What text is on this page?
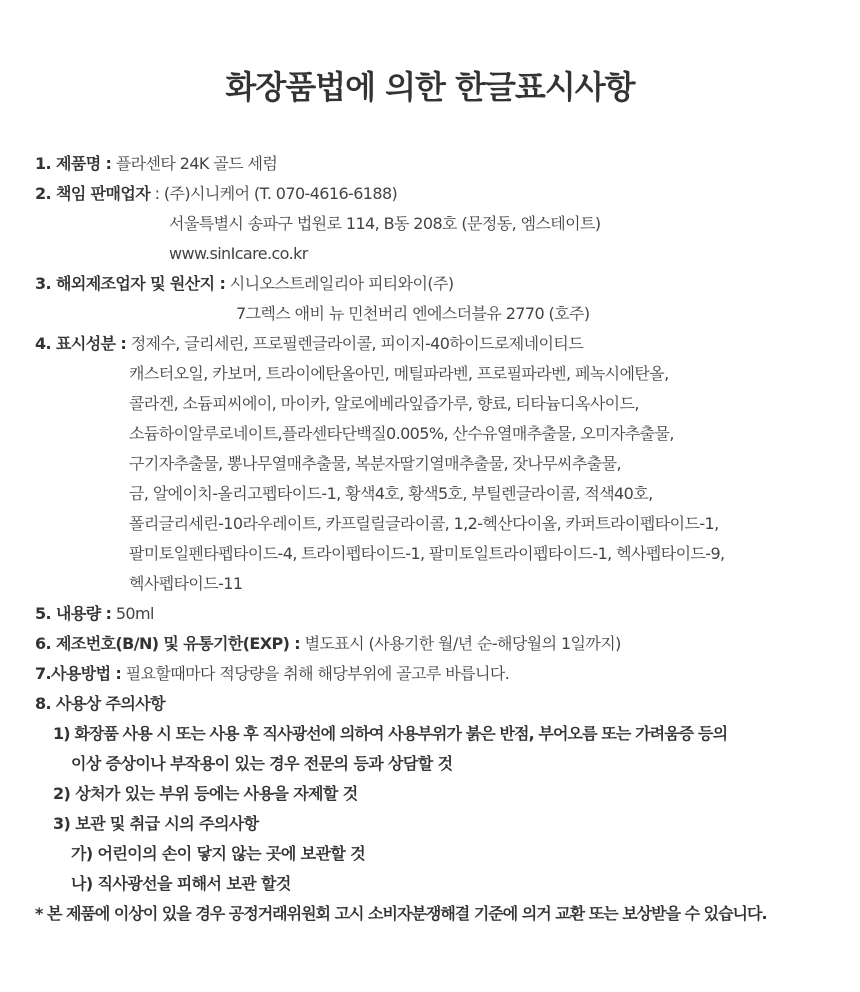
화장품법에 의한 한글표시사항
1. 제품명 : 플라센타 24K 골드 세럼
2. 책임 판매업자 : (주)시니케어 (T. 070-4616-6188)
서울특별시 송파구 법원로 114, B동 208호 (문정동, 엠스테이트)
www.sinIcare.co.kr
3. 해외제조업자 및 원산지 : 시니오스트레일리아 피티와이(주)
7그렉스 애비 뉴 민천버리 엔에스더블유 2770 (호주)
4. 표시성분 : 정제수, 글리세린, 프로필렌글라이콜, 피이지-40하이드로제네이티드
캐스터오일, 카보머, 트라이에탄올아민, 메틸파라벤, 프로필파라벤, 페녹시에탄올,
콜라겐, 소듐피씨에이, 마이카, 알로에베라잎즙가루, 향료, 티타늄디옥사이드,
소듐하이알루로네이트,플라센타단백질0.005%, 산수유열매추출물, 오미자추출물,
구기자추출물, 뽕나무열매추출물, 복분자딸기열매추출물, 잣나무씨추출물,
금, 알에이치-올리고펩타이드-1, 황색4호, 황색5호, 부틸렌글라이콜, 적색40호,
폴리글리세린-10라우레이트, 카프릴릴글라이콜, 1,2-헥산다이올, 카퍼트라이펩타이드-1,
팔미토일펜타펩타이드-4, 트라이펩타이드-1, 팔미토일트라이펩타이드-1, 헥사펩타이드-9,
헥사펩타이드-11
5. 내용량 : 50ml
6. 제조번호(B/N) 및 유통기한(EXP) : 별도표시 (사용기한 월/년 순-해당월의 1일까지)
7.사용방법 : 필요할때마다 적당량을 취해 해당부위에 골고루 바릅니다.
8. 사용상 주의사항
1) 화장품 사용 시 또는 사용 후 직사광선에 의하여 사용부위가 붉은 반점, 부어오름 또는 가려움증 등의
이상 증상이나 부작용이 있는 경우 전문의 등과 상담할 것
2) 상처가 있는 부위 등에는 사용을 자제할 것
3) 보관 및 취급 시의 주의사항
가) 어린이의 손이 닿지 않는 곳에 보관할 것
나) 직사광선을 피해서 보관 할것
* 본 제품에 이상이 있을 경우 공정거래위원회 고시 소비자분쟁해결 기준에 의거 교환 또는 보상받을 수 있습니다.
